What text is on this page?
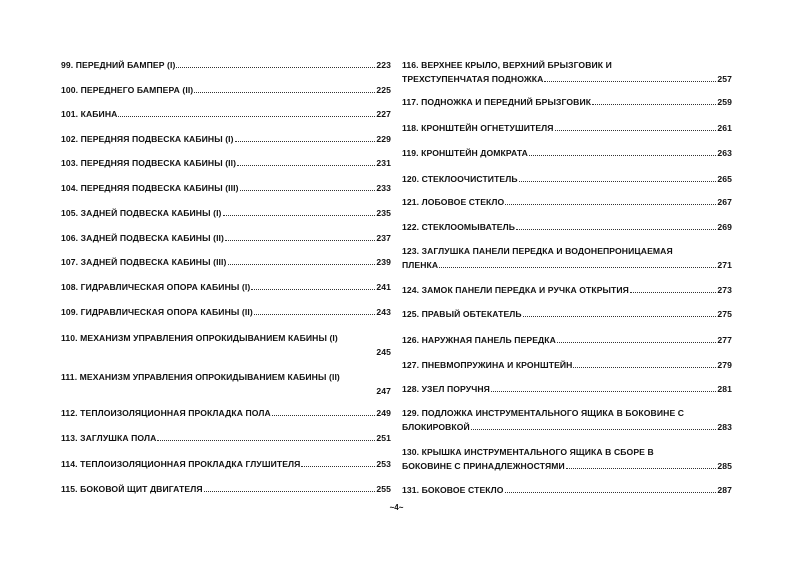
99. ПЕРЕДНИЙ БАМПЕР (I)	223
100. ПЕРЕДНЕГО БАМПЕРА (II)	225
101. КАБИНА	227
102. ПЕРЕДНЯЯ ПОДВЕСКА КАБИНЫ (I)	229
103. ПЕРЕДНЯЯ ПОДВЕСКА КАБИНЫ (II)	231
104. ПЕРЕДНЯЯ ПОДВЕСКА КАБИНЫ (III)	233
105. ЗАДНЕЙ ПОДВЕСКА КАБИНЫ (I)	235
106. ЗАДНЕЙ ПОДВЕСКА КАБИНЫ (II)	237
107. ЗАДНЕЙ ПОДВЕСКА КАБИНЫ (III)	239
108. ГИДРАВЛИЧЕСКАЯ ОПОРА КАБИНЫ (I)	241
109. ГИДРАВЛИЧЕСКАЯ ОПОРА КАБИНЫ (II)	243
110. МЕХАНИЗМ УПРАВЛЕНИЯ ОПРОКИДЫВАНИЕМ КАБИНЫ (I)
245
111. МЕХАНИЗМ УПРАВЛЕНИЯ ОПРОКИДЫВАНИЕМ КАБИНЫ (II)
247
112. ТЕПЛОИЗОЛЯЦИОННАЯ ПРОКЛАДКА ПОЛА	249
113. ЗАГЛУШКА ПОЛА	251
114. ТЕПЛОИЗОЛЯЦИОННАЯ ПРОКЛАДКА ГЛУШИТЕЛЯ	253
115. БОКОВОЙ ЩИТ ДВИГАТЕЛЯ	255
116. ВЕРХНЕЕ КРЫЛО, ВЕРХНИЙ БРЫЗГОВИК И
ТРЕХСТУПЕНЧАТАЯ ПОДНОЖКА	257
117. ПОДНОЖКА И ПЕРЕДНИЙ БРЫЗГОВИК	259
118. КРОНШТЕЙН ОГНЕТУШИТЕЛЯ	261
119. КРОНШТЕЙН ДОМКРАТА	263
120. СТЕКЛООЧИСТИТЕЛЬ	265
121. ЛОБОВОЕ СТЕКЛО	267
122. СТЕКЛООМЫВАТЕЛЬ	269
123. ЗАГЛУШКА ПАНЕЛИ ПЕРЕДКА И ВОДОНЕПРОНИЦАЕМАЯ
ПЛЕНКА	271
124. ЗАМОК ПАНЕЛИ ПЕРЕДКА И РУЧКА ОТКРЫТИЯ	273
125. ПРАВЫЙ ОБТЕКАТЕЛЬ	275
126. НАРУЖНАЯ ПАНЕЛЬ ПЕРЕДКА	277
127. ПНЕВМОПРУЖИНА И КРОНШТЕЙН	279
128. УЗЕЛ ПОРУЧНЯ	281
129. ПОДЛОЖКА ИНСТРУМЕНТАЛЬНОГО ЯЩИКА В БОКОВИНЕ С
БЛОКИРОВКОЙ	283
130. КРЫШКА ИНСТРУМЕНТАЛЬНОГО ЯЩИКА В СБОРЕ В
БОКОВИНЕ С ПРИНАДЛЕЖНОСТЯМИ	285
131. БОКОВОЕ СТЕКЛО	287
~4~
